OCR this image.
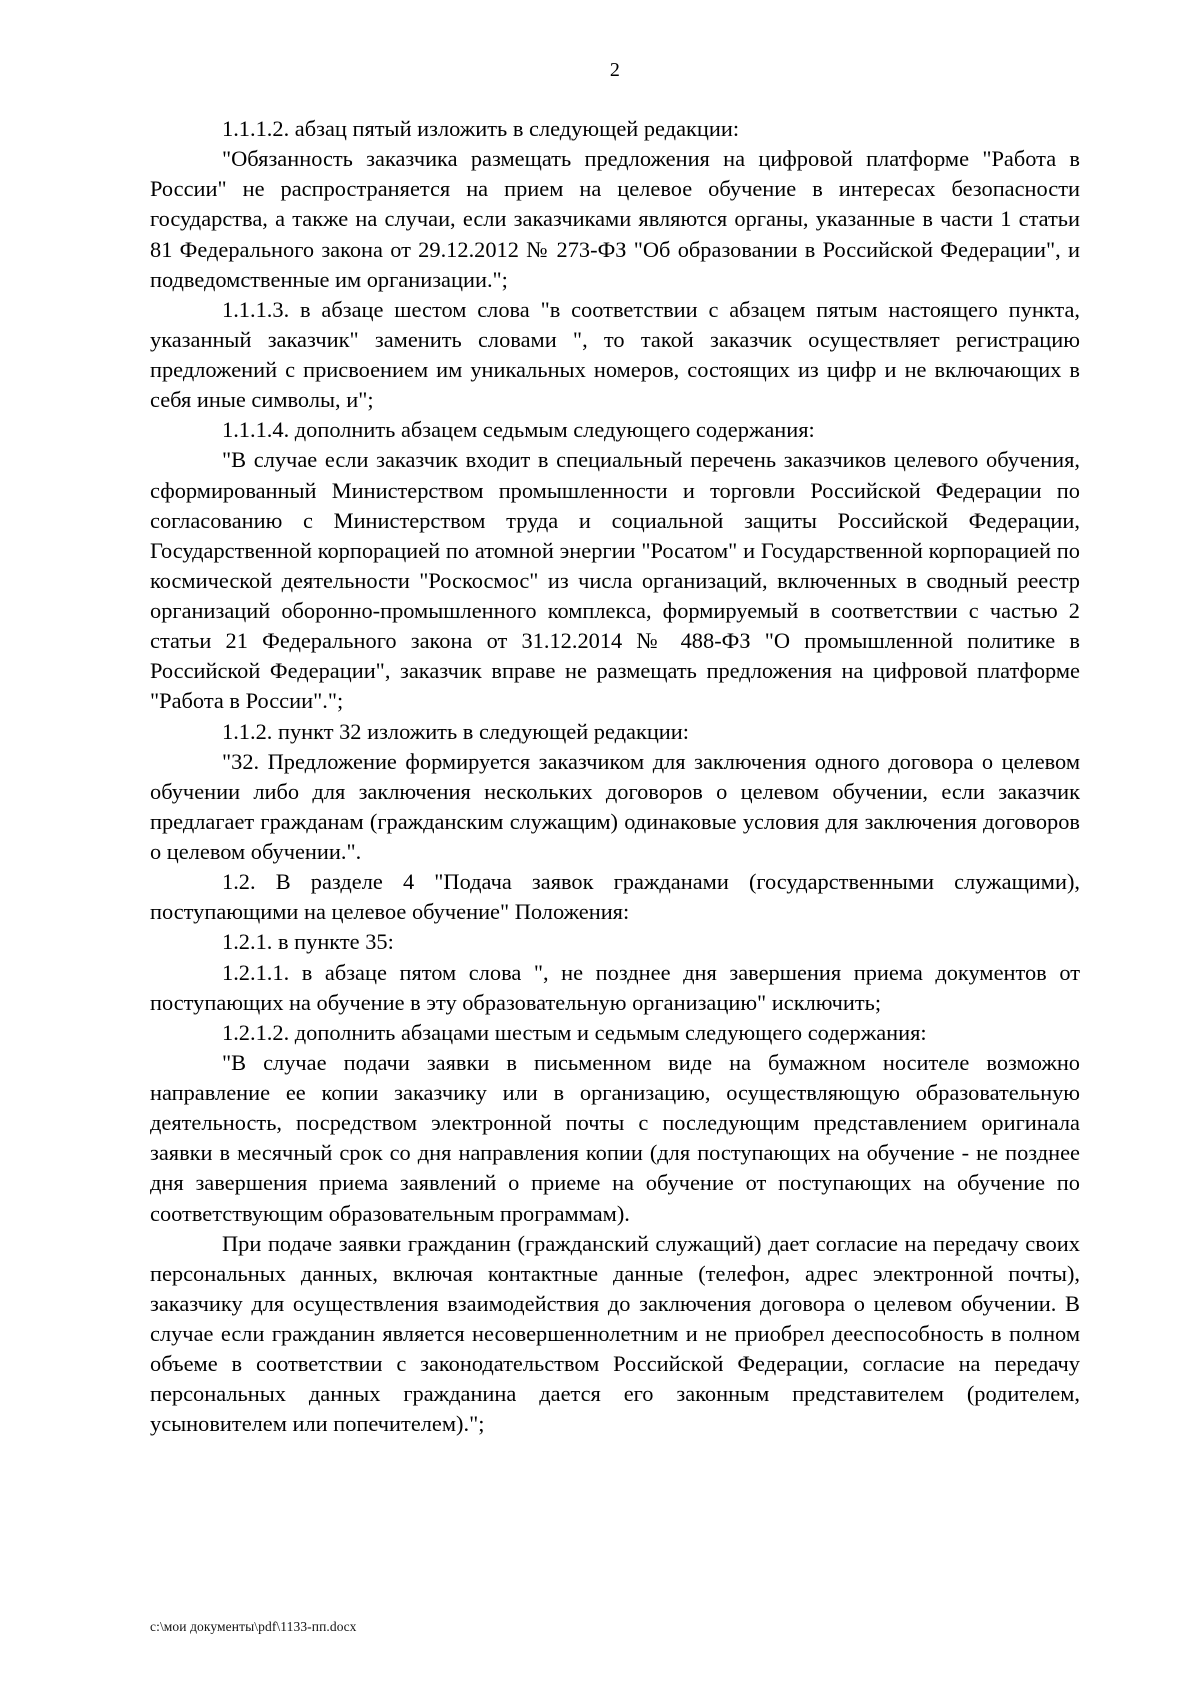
2

1.1.1.2. абзац пятый изложить в следующей редакции:

"Обязанность заказчика размещать предложения на цифровой платформе "Работа в России" не распространяется на прием на целевое обучение в интересах безопасности государства, а также на случаи, если заказчиками являются органы, указанные в части 1 статьи 81 Федерального закона от 29.12.2012 № 273-ФЗ "Об образовании в Российской Федерации", и подведомственные им организации.";

1.1.1.3. в абзаце шестом слова "в соответствии с абзацем пятым настоящего пункта, указанный заказчик" заменить словами ", то такой заказчик осуществляет регистрацию предложений с присвоением им уникальных номеров, состоящих из цифр и не включающих в себя иные символы, и";

1.1.1.4. дополнить абзацем седьмым следующего содержания:

"В случае если заказчик входит в специальный перечень заказчиков целевого обучения, сформированный Министерством промышленности и торговли Российской Федерации по согласованию с Министерством труда и социальной защиты Российской Федерации, Государственной корпорацией по атомной энергии "Росатом" и Государственной корпорацией по космической деятельности "Роскосмос" из числа организаций, включенных в сводный реестр организаций оборонно-промышленного комплекса, формируемый в соответствии с частью 2 статьи 21 Федерального закона от 31.12.2014 № 488-ФЗ "О промышленной политике в Российской Федерации", заказчик вправе не размещать предложения на цифровой платформе "Работа в России".";

1.1.2. пункт 32 изложить в следующей редакции:

"32. Предложение формируется заказчиком для заключения одного договора о целевом обучении либо для заключения нескольких договоров о целевом обучении, если заказчик предлагает гражданам (гражданским служащим) одинаковые условия для заключения договоров о целевом обучении.".

1.2. В разделе 4 "Подача заявок гражданами (государственными служащими), поступающими на целевое обучение" Положения:

1.2.1. в пункте 35:

1.2.1.1. в абзаце пятом слова ", не позднее дня завершения приема документов от поступающих на обучение в эту образовательную организацию" исключить;

1.2.1.2. дополнить абзацами шестым и седьмым следующего содержания:

"В случае подачи заявки в письменном виде на бумажном носителе возможно направление ее копии заказчику или в организацию, осуществляющую образовательную деятельность, посредством электронной почты с последующим представлением оригинала заявки в месячный срок со дня направления копии (для поступающих на обучение - не позднее дня завершения приема заявлений о приеме на обучение от поступающих на обучение по соответствующим образовательным программам).

При подаче заявки гражданин (гражданский служащий) дает согласие на передачу своих персональных данных, включая контактные данные (телефон, адрес электронной почты), заказчику для осуществления взаимодействия до заключения договора о целевом обучении. В случае если гражданин является несовершеннолетним и не приобрел дееспособность в полном объеме в соответствии с законодательством Российской Федерации, согласие на передачу персональных данных гражданина дается его законным представителем (родителем, усыновителем или попечителем).";

c:\мои документы\pdf\1133-пп.docx
